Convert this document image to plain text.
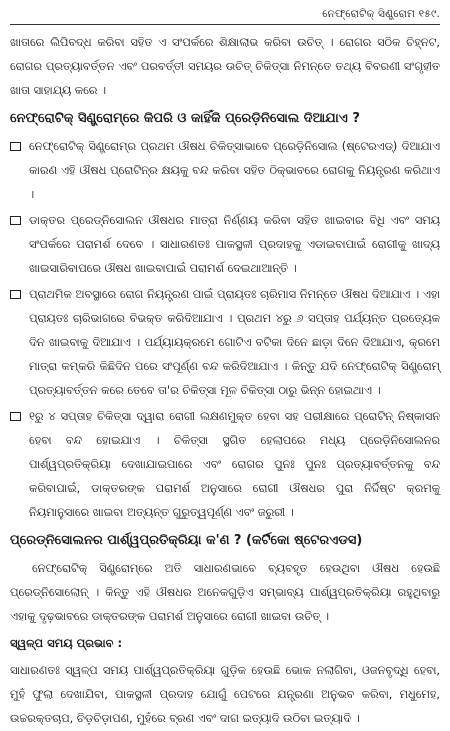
ନେଫ୍ରୋଟିକ୍ ସିଣ୍ଡ୍ରୋମ ୧୫୯.

ଖାତାରେ ଲିପିବଦ୍ଧ କରିବା ସହିତ ଏ ସଂପର୍କରେ ଶିକ୍ଷାଲାଭ କରିବା ଉଚିତ୍ । ରୋଗର ସଠିକ ଚିହ୍ନଟ, ରୋଗର ପ୍ରତ୍ୟାବର୍ତ୍ତନ ଏବଂ ପରବର୍ତ୍ତୀ ସମୟର ଉଚିତ୍ ଚିକିତ୍ସା ନିମନ୍ତେ ତଥ୍ୟ ବିବରଣୀ ସଂଗୃହୀତ ଖାତା ସାହାଯ୍ୟ କରେ ।

ନେଫ୍ରୋଟିକ୍ ସିଣ୍ଡ୍ରୋମ୍‌ରେ କିପରି ଓ କାହିଁକି ପ୍ରେଡ଼ିନିସୋଲ ଦିଆଯାଏ ?

ନେଫ୍ରୋଟିକ୍ ସିଣ୍ଡ୍ରୋମ୍‌ର ପ୍ରଥମ ଔଷଧ ଚିକିତ୍ସାଭାବେ ପ୍ରେଡ଼ିନିସୋଲ (ଷ୍ଟେରଏଡ୍) ଦିଆଯାଏ କାରଣ ଏହି ଔଷଧ ପ୍ରୋଟିନ୍‌ର କ୍ଷୟକୁ ବନ୍ଦ କରିବା ସହିତ ଠିକ୍‌ଭାବରେ ରୋଗକୁ ନିୟନ୍ତ୍ରଣ କରିଥାଏ ।

ଡାକ୍ତର ପ୍ରେଡ୍‌ନିସୋଲନ ଔଷଧର ମାତ୍ରା ନିର୍ଣ୍ଣୟ କରିବା ସହିତ ଖାଇବାର ବିଧି ଏବଂ ସମୟ ସଂପର୍କରେ ପରାମର୍ଶ ଦେବେ । ସାଧାରଣତଃ ପାକସ୍ଥଳୀ ପ୍ରଦାହକୁ ଏଡାଇବାପାଇଁ ରୋଗୀକୁ ଖାଦ୍ୟ ଖାଇସାରିବାପରେ ଔଷଧ ଖାଇବାପାଇଁ ପରାମର୍ଶ ଦେଇଥାଆନ୍ତି ।

ପ୍ରାଥମିକ ଅବସ୍ଥାରେ ରୋଗ ନିୟନ୍ତ୍ରଣ ପାଇଁ ପ୍ରାୟତଃ ଚାରିମାସ ନିମନ୍ତେ ଔଷଧ ଦିଆଯାଏ । ଏହା ପ୍ରାୟତଃ ଚାରିଭାଗରେ ବିଭକ୍ତ କରିଦିଆଯାଏ । ପ୍ରଥମ ୪ରୁ ୬ ସପ୍ତାହ ପର୍ଯ୍ୟନ୍ତ ପ୍ରତ୍ୟେକ ଦିନ ଖାଇବାକୁ ଦିଆଯାଏ । ପର୍ଯ୍ୟାୟକ୍ରମେ ଗୋଟିଏ ବଟିକା ଦିନେ ଛାଡ଼ା ଦିନେ ଦିଆଯାଏ, କ୍ରମେ ମାତ୍ରା କମ୍‌କରି କିଛିଦିନ ପରେ ସଂପୂର୍ଣ୍ଣ ବନ୍ଦ କରିଦିଆଯାଏ । କିନ୍ତୁ ଯଦି ନେଫ୍ରୋଟିକ୍ ସିଣ୍ଡ୍ରୋମ୍ ପ୍ରତ୍ୟାବର୍ତ୍ତନ କରେ ତେବେ ତା'ର ଚିକିତ୍ସା ମୂଳ ଚିକିତ୍ସା ଠାରୁ ଭିନ୍ନ ହୋଇଥାଏ ।

୧ରୁ ୪ ସପ୍ତାହ ଚିକିତ୍ସା ଦ୍ୱାରା ରୋଗୀ ଲକ୍ଷଣମୁକ୍ତ ହେବା ସହ ପରୀକ୍ଷାରେ ପ୍ରୋଟିନ୍ ନିଷ୍କାସନ ହେବା ବନ୍ଦ ହୋଇଯାଏ । ଚିକିତ୍ସା ସ୍ଥଗିତ ହେଲାପରେ ମଧ୍ୟ ପ୍ରେଡ଼ିନିସୋଲନର ପାର୍ଶ୍ୱପ୍ରତିକ୍ରିୟା ଦେଖାଯାଇପାରେ ଏବଂ ରୋଗର ପୁନଃ ପୁନଃ ପ୍ରତ୍ୟାବର୍ତ୍ତନକୁ ବନ୍ଦ କରିବାପାଇଁ, ଡାକ୍ତରଙ୍କ ପରାମର୍ଶ ଅନୁସାରେ ରୋଗୀ ଔଷଧର ପୁରା ନିର୍ଦ୍ଦିଷ୍ଟ କ୍ରମକୁ ନିୟମାନୁସାରେ ଖାଇବା ଅତ୍ୟନ୍ତ ଗୁରୁତ୍ୱପୂର୍ଣ୍ଣ ଏବଂ ଜରୁରୀ ।

ପ୍ରେଡ୍‌ନିସୋଲନର ପାର୍ଶ୍ୱପ୍ରତିକ୍ରିୟା କ'ଣ ? (କର୍ଟିକୋ ଷ୍ଟେରଏଡସ)

ନେଫ୍ରୋଟିକ୍ ସିଣ୍ଡ୍ରୋମ୍‌ରେ ଅତି ସାଧାରଣଭାବେ ବ୍ୟବହୃତ ହେଉଥିବା ଔଷଧ ହେଉଛି ପ୍ରେଡ୍‌ନିସୋଲୋନ୍ । କିନ୍ତୁ ଏହି ଔଷଧର ଅନେକଗୁଡ଼ିଏ ସମ୍ଭାବ୍ୟ ପାର୍ଶ୍ୱପ୍ରତିକ୍ରିୟା ରହୁଥିବାରୁ ଏହାକୁ ଦୃଢ଼ଭାବରେ ଡାକ୍ତରଙ୍କ ପରାମର୍ଶ ଅନୁସାରେ ରୋଗୀ ଖାଇବା ଉଚିତ୍ ।

ସ୍ୱଳ୍ପ ସମୟ ପ୍ରଭାବ :

ସାଧାରଣତଃ ସ୍ୱଳ୍ପ ସମୟ ପାର୍ଶ୍ୱପ୍ରତିକ୍ରିୟା ଗୁଡ଼ିକ ହେଉଛି ଭୋକ ନଲାଗିବା, ଓଜନବୃଦ୍ଧି ହେବା, ମୁହଁ ଫୁଲା ଦେଖାଯିବା, ପାକସ୍ଥଳୀ ପ୍ରଦାହ ଯୋଗୁଁ ପେଟରେ ଯନ୍ତ୍ରଣା ଅନୁଭବ କରିବା, ମଧୁମେହ, ଉଚ୍ଚରକ୍ତଚାପ, ଚିଡ଼ଚିଡ଼ାପଣ, ମୁହଁରେ ବ୍ରଣ ଏବଂ ଦାଗ ଇତ୍ୟାଦି ଉଠିବା ଇତ୍ୟାଦି ।
